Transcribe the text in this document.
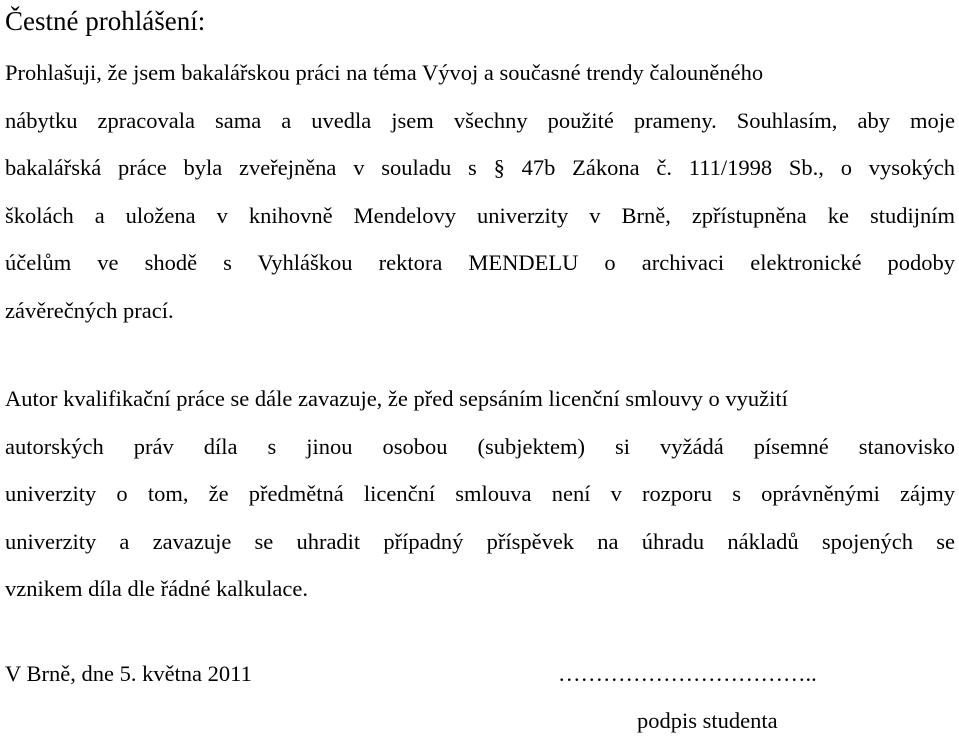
Čestné prohlášení:
Prohlašuji, že jsem bakalářskou práci na téma Vývoj a současné trendy čalouněného
nábytku zpracovala sama a uvedla jsem všechny použité prameny. Souhlasím, aby moje
bakalářská práce byla zveřejněna v souladu s § 47b Zákona č. 111/1998 Sb., o vysokých
školách a uložena v knihovně Mendelovy univerzity v Brně, zpřístupněna ke studijním
účelům ve shodě s Vyhláškou rektora MENDELU o archivaci elektronické podoby
závěrečných prací.
Autor kvalifikační práce se dále zavazuje, že před sepsáním licenční smlouvy o využití
autorských práv díla s jinou osobou (subjektem) si vyžádá písemné stanovisko
univerzity o tom, že předmětná licenční smlouva není v rozporu s oprávněnými zájmy
univerzity a zavazuje se uhradit případný příspěvek na úhradu nákladů spojených se
vznikem díla dle řádné kalkulace.
V Brně, dne 5. května 2011	……………………………..
podpis studenta
